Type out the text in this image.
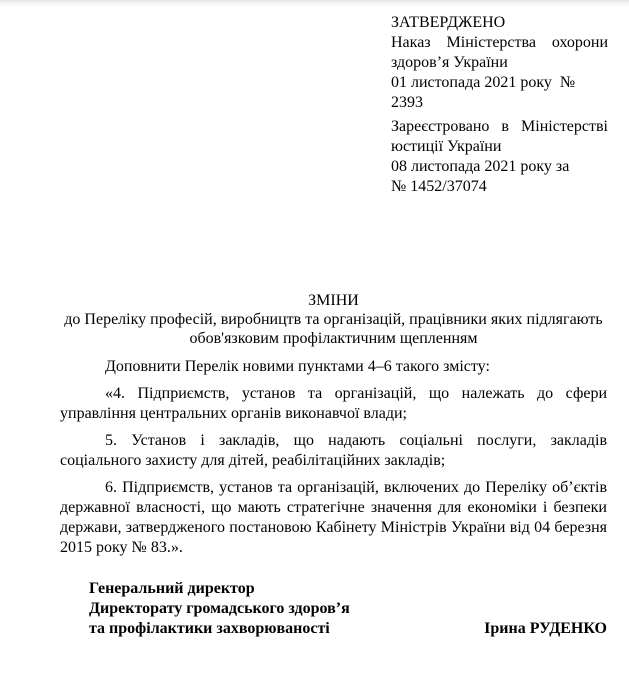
ЗАТВЕРДЖЕНО
Наказ Міністерства охорони
здоров’я України
01 листопада 2021 року  № 2393
Зареєстровано в Міністерстві
юстиції України
08 листопада 2021 року за
№ 1452/37074
ЗМІНИ
до Переліку професій, виробництв та організацій, працівники яких підлягають
обов'язковим профілактичним щепленням

Доповнити Перелік новими пунктами 4–6 такого змісту:

«4. Підприємств, установ та організацій, що належать до сфери управління центральних органів виконавчої влади;

5. Установ і закладів, що надають соціальні послуги, закладів соціального захисту для дітей, реабілітаційних закладів;

6. Підприємств, установ та організацій, включених до Переліку об’єктів державної власності, що мають стратегічне значення для економіки і безпеки держави, затвердженого постановою Кабінету Міністрів України від 04 березня 2015 року № 83.».

Генеральний директор
Директорату громадського здоров’я
та профілактики захворюваності	Ірина РУДЕНКО
